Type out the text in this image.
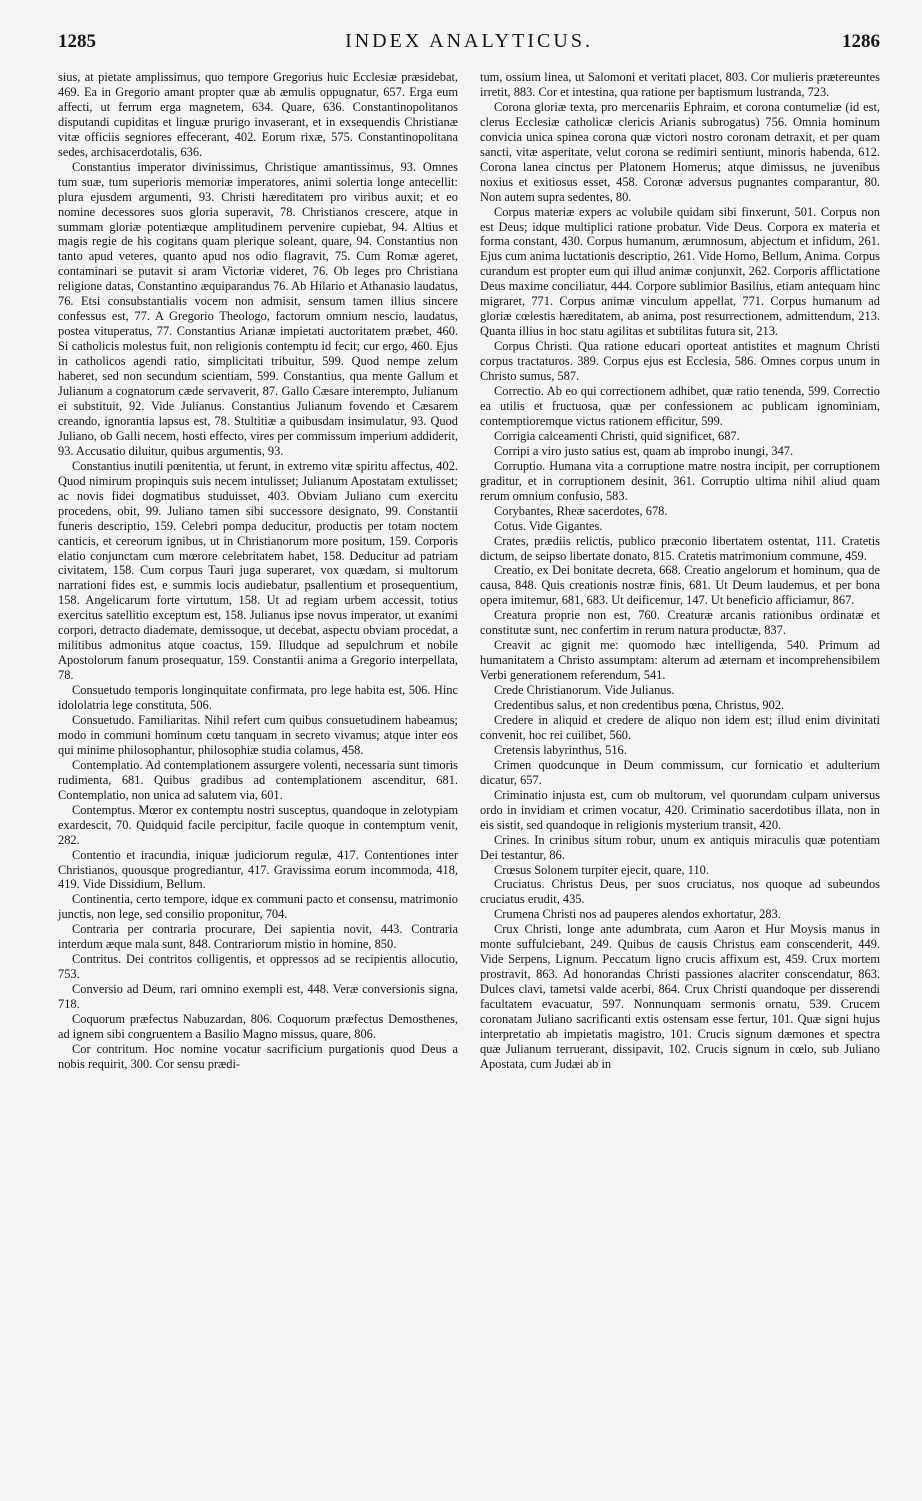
1285	INDEX ANALYTICUS.	1286

sius, at pietate amplissimus, quo tempore Gregorius huic Ecclesiæ præsidebat, 469. Ea in Gregorio amant propter quæ ab æmulis oppugnatur, 657. Erga eum affecti, ut ferrum erga magnetem, 634. Quare, 636. Constantinopolitanos disputandi cupiditas et linguæ prurigo invaserant, et in exsequendis Christianæ vitæ officiis segniores effecerant, 402. Eorum rixæ, 575. Constantinopolitana sedes, archisacerdotalis, 636.

Constantius imperator divinissimus, Christique amantissimus, 93. Omnes tum suæ, tum superioris memoriæ imperatores, animi solertia longe antecellit: plura ejusdem argumenti, 93. Christi hæreditatem pro viribus auxit; et eo nomine decessores suos gloria superavit, 78. Christianos crescere, atque in summam gloriæ potentiæque amplitudinem pervenire cupiebat, 94. Altius et magis regie de his cogitans quam plerique soleant, quare, 94. Constantius non tanto apud veteres, quanto apud nos odio flagravit, 75. Cum Romæ ageret, contaminari se putavit si aram Victoriæ videret, 76. Ob leges pro Christiana religione datas, Constantino æquiparandus 76. Ab Hilario et Athanasio laudatus, 76. Etsi consubstantialis vocem non admisit, sensum tamen illius sincere confessus est, 77. A Gregorio Theologo, factorum omnium nescio, laudatus, postea vituperatus, 77. Constantius Arianæ impietati auctoritatem præbet, 460. Si catholicis molestus fuit, non religionis contemptu id fecit; cur ergo, 460. Ejus in catholicos agendi ratio, simplicitati tribuitur, 599. Quod nempe zelum haberet, sed non secundum scientiam, 599. Constantius, qua mente Gallum et Julianum a cognatorum cæde servaverit, 87. Gallo Cæsare interempto, Julianum ei substituit, 92. Vide Julianus. Constantius Julianum fovendo et Cæsarem creando, ignorantia lapsus est, 78. Stultitiæ a quibusdam insimulatur, 93. Quod Juliano, ob Galli necem, hosti effecto, vires per commissum imperium addiderit, 93. Accusatio diluitur, quibus argumentis, 93.

Constantius inutili pœnitentia, ut ferunt, in extremo vitæ spiritu affectus, 402. Quod nimirum propinquis suis necem intulisset; Julianum Apostatam extulisset; ac novis fidei dogmatibus studuisset, 403. Obviam Juliano cum exercitu procedens, obit, 99. Juliano tamen sibi successore designato, 99. Constantii funeris descriptio, 159. Celebri pompa deducitur, productis per totam noctem canticis, et cereorum ignibus, ut in Christianorum more positum, 159. Corporis elatio conjunctam cum mœrore celebritatem habet, 158. Deducitur ad patriam civitatem, 158. Cum corpus Tauri juga superaret, vox quædam, si multorum narrationi fides est, e summis locis audiebatur, psallentium et prosequentium, 158. Angelicarum forte virtutum, 158. Ut ad regiam urbem accessit, totius exercitus satellitio exceptum est, 158. Julianus ipse novus imperator, ut exanimi corpori, detracto diademate, demissoque, ut decebat, aspectu obviam procedat, a militibus admonitus atque coactus, 159. Illudque ad sepulchrum et nobile Apostolorum fanum prosequatur, 159. Constantii anima a Gregorio interpellata, 78.

Consuetudo temporis longinquitate confirmata, pro lege habita est, 506. Hinc idololatria lege constituta, 506.

Consuetudo. Familiaritas. Nihil refert cum quibus consuetudinem habeamus; modo in communi hominum cœtu tanquam in secreto vivamus; atque inter eos qui minime philosophantur, philosophiæ studia colamus, 458.

Contemplatio. Ad contemplationem assurgere volenti, necessaria sunt timoris rudimenta, 681. Quibus gradibus ad contemplationem ascenditur, 681. Contemplatio, non unica ad salutem via, 601.

Contemptus. Mœror ex contemptu nostri susceptus, quandoque in zelotypiam exardescit, 70. Quidquid facile percipitur, facile quoque in contemptum venit, 282.

Contentio et iracundia, iniquæ judiciorum regulæ, 417. Contentiones inter Christianos, quousque progrediantur, 417. Gravissima eorum incommoda, 418, 419. Vide Dissidium, Bellum.

Continentia, certo tempore, idque ex communi pacto et consensu, matrimonio junctis, non lege, sed consilio proponitur, 704.

Contraria per contraria procurare, Dei sapientia novit, 443. Contraria interdum æque mala sunt, 848. Contrariorum mistio in homine, 850.

Contritus. Dei contritos colligentis, et oppressos ad se recipientis allocutio, 753.

Conversio ad Deum, rari omnino exempli est, 448. Veræ conversionis signa, 718.

Coquorum præfectus Nabuzardan, 806. Coquorum præfectus Demosthenes, ad ignem sibi congruentem a Basilio Magno missus, quare, 806.

Cor contritum. Hoc nomine vocatur sacrificium purgationis quod Deus a nobis requirit, 300. Cor sensu prædi-

tum, ossium linea, ut Salomoni et veritati placet, 803. Cor mulieris prætereuntes irretit, 883. Cor et intestina, qua ratione per baptismum lustranda, 723.

Corona gloriæ texta, pro mercenariis Ephraim, et corona contumeliæ (id est, clerus Ecclesiæ catholicæ clericis Arianis subrogatus) 756. Omnia hominum convicia unica spinea corona quæ victori nostro coronam detraxit, et per quam sancti, vitæ asperitate, velut corona se redimiri sentiunt, minoris habenda, 612. Corona lanea cinctus per Platonem Homerus; atque dimissus, ne juvenibus noxius et exitiosus esset, 458. Coronæ adversus pugnantes comparantur, 80. Non autem supra sedentes, 80.

Corpus materiæ expers ac volubile quidam sibi finxerunt, 501. Corpus non est Deus; idque multiplici ratione probatur. Vide Deus. Corpora ex materia et forma constant, 430. Corpus humanum, ærumnosum, abjectum et infidum, 261. Ejus cum anima luctationis descriptio, 261. Vide Homo, Bellum, Anima. Corpus curandum est propter eum qui illud animæ conjunxit, 262. Corporis afflictatione Deus maxime conciliatur, 444. Corpore sublimior Basilius, etiam antequam hinc migraret, 771. Corpus animæ vinculum appellat, 771. Corpus humanum ad gloriæ cœlestis hæreditatem, ab anima, post resurrectionem, admittendum, 213. Quanta illius in hoc statu agilitas et subtilitas futura sit, 213.

Corpus Christi. Qua ratione educari oporteat antistites et magnum Christi corpus tractaturos. 389. Corpus ejus est Ecclesia, 586. Omnes corpus unum in Christo sumus, 587.

Correctio. Ab eo qui correctionem adhibet, quæ ratio tenenda, 599. Correctio ea utilis et fructuosa, quæ per confessionem ac publicam ignominiam, contemptioremque victus rationem efficitur, 599.

Corrigia calceamenti Christi, quid significet, 687.

Corripi a viro justo satius est, quam ab improbo inungi, 347.

Corruptio. Humana vita a corruptione matre nostra incipit, per corruptionem graditur, et in corruptionem desinit, 361. Corruptio ultima nihil aliud quam rerum omnium confusio, 583.

Corybantes, Rheæ sacerdotes, 678.

Cotus. Vide Gigantes.

Crates, prædiis relictis, publico præconio libertatem ostentat, 111. Cratetis dictum, de seipso libertate donato, 815. Cratetis matrimonium commune, 459.

Creatio, ex Dei bonitate decreta, 668. Creatio angelorum et hominum, qua de causa, 848. Quis creationis nostræ finis, 681. Ut Deum laudemus, et per bona opera imitemur, 681, 683. Ut deificemur, 147. Ut beneficio afficiamur, 867.

Creatura proprie non est, 760. Creaturæ arcanis rationibus ordinatæ et constitutæ sunt, nec confertim in rerum natura productæ, 837.

Creavit ac gignit me: quomodo hæc intelligenda, 540. Primum ad humanitatem a Christo assumptam: alterum ad æternam et incomprehensibilem Verbi generationem referendum, 541.

Crede Christianorum. Vide Julianus.

Credentibus salus, et non credentibus pœna, Christus, 902.

Credere in aliquid et credere de aliquo non idem est; illud enim divinitati convenit, hoc rei cuilibet, 560.

Cretensis labyrinthus, 516.

Crimen quodcunque in Deum commissum, cur fornicatio et adulterium dicatur, 657.

Criminatio injusta est, cum ob multorum, vel quorundam culpam universus ordo in invidiam et crimen vocatur, 420. Criminatio sacerdotibus illata, non in eis sistit, sed quandoque in religionis mysterium transit, 420.

Crines. In crinibus situm robur, unum ex antiquis miraculis quæ potentiam Dei testantur, 86.

Crœsus Solonem turpiter ejecit, quare, 110.

Cruciatus. Christus Deus, per suos cruciatus, nos quoque ad subeundos cruciatus erudit, 435.

Crumena Christi nos ad pauperes alendos exhortatur, 283.

Crux Christi, longe ante adumbrata, cum Aaron et Hur Moysis manus in monte suffulciebant, 249. Quibus de causis Christus eam conscenderit, 449. Vide Serpens, Lignum. Peccatum ligno crucis affixum est, 459. Crux mortem prostravit, 863. Ad honorandas Christi passiones alacriter conscendatur, 863. Dulces clavi, tametsi valde acerbi, 864. Crux Christi quandoque per disserendi facultatem evacuatur, 597. Nonnunquam sermonis ornatu, 539. Crucem coronatam Juliano sacrificanti extis ostensam esse fertur, 101. Quæ signi hujus interpretatio ab impietatis magistro, 101. Crucis signum dæmones et spectra quæ Julianum terruerant, dissipavit, 102. Crucis signum in cœlo, sub Juliano Apostata, cum Judæi ab in
